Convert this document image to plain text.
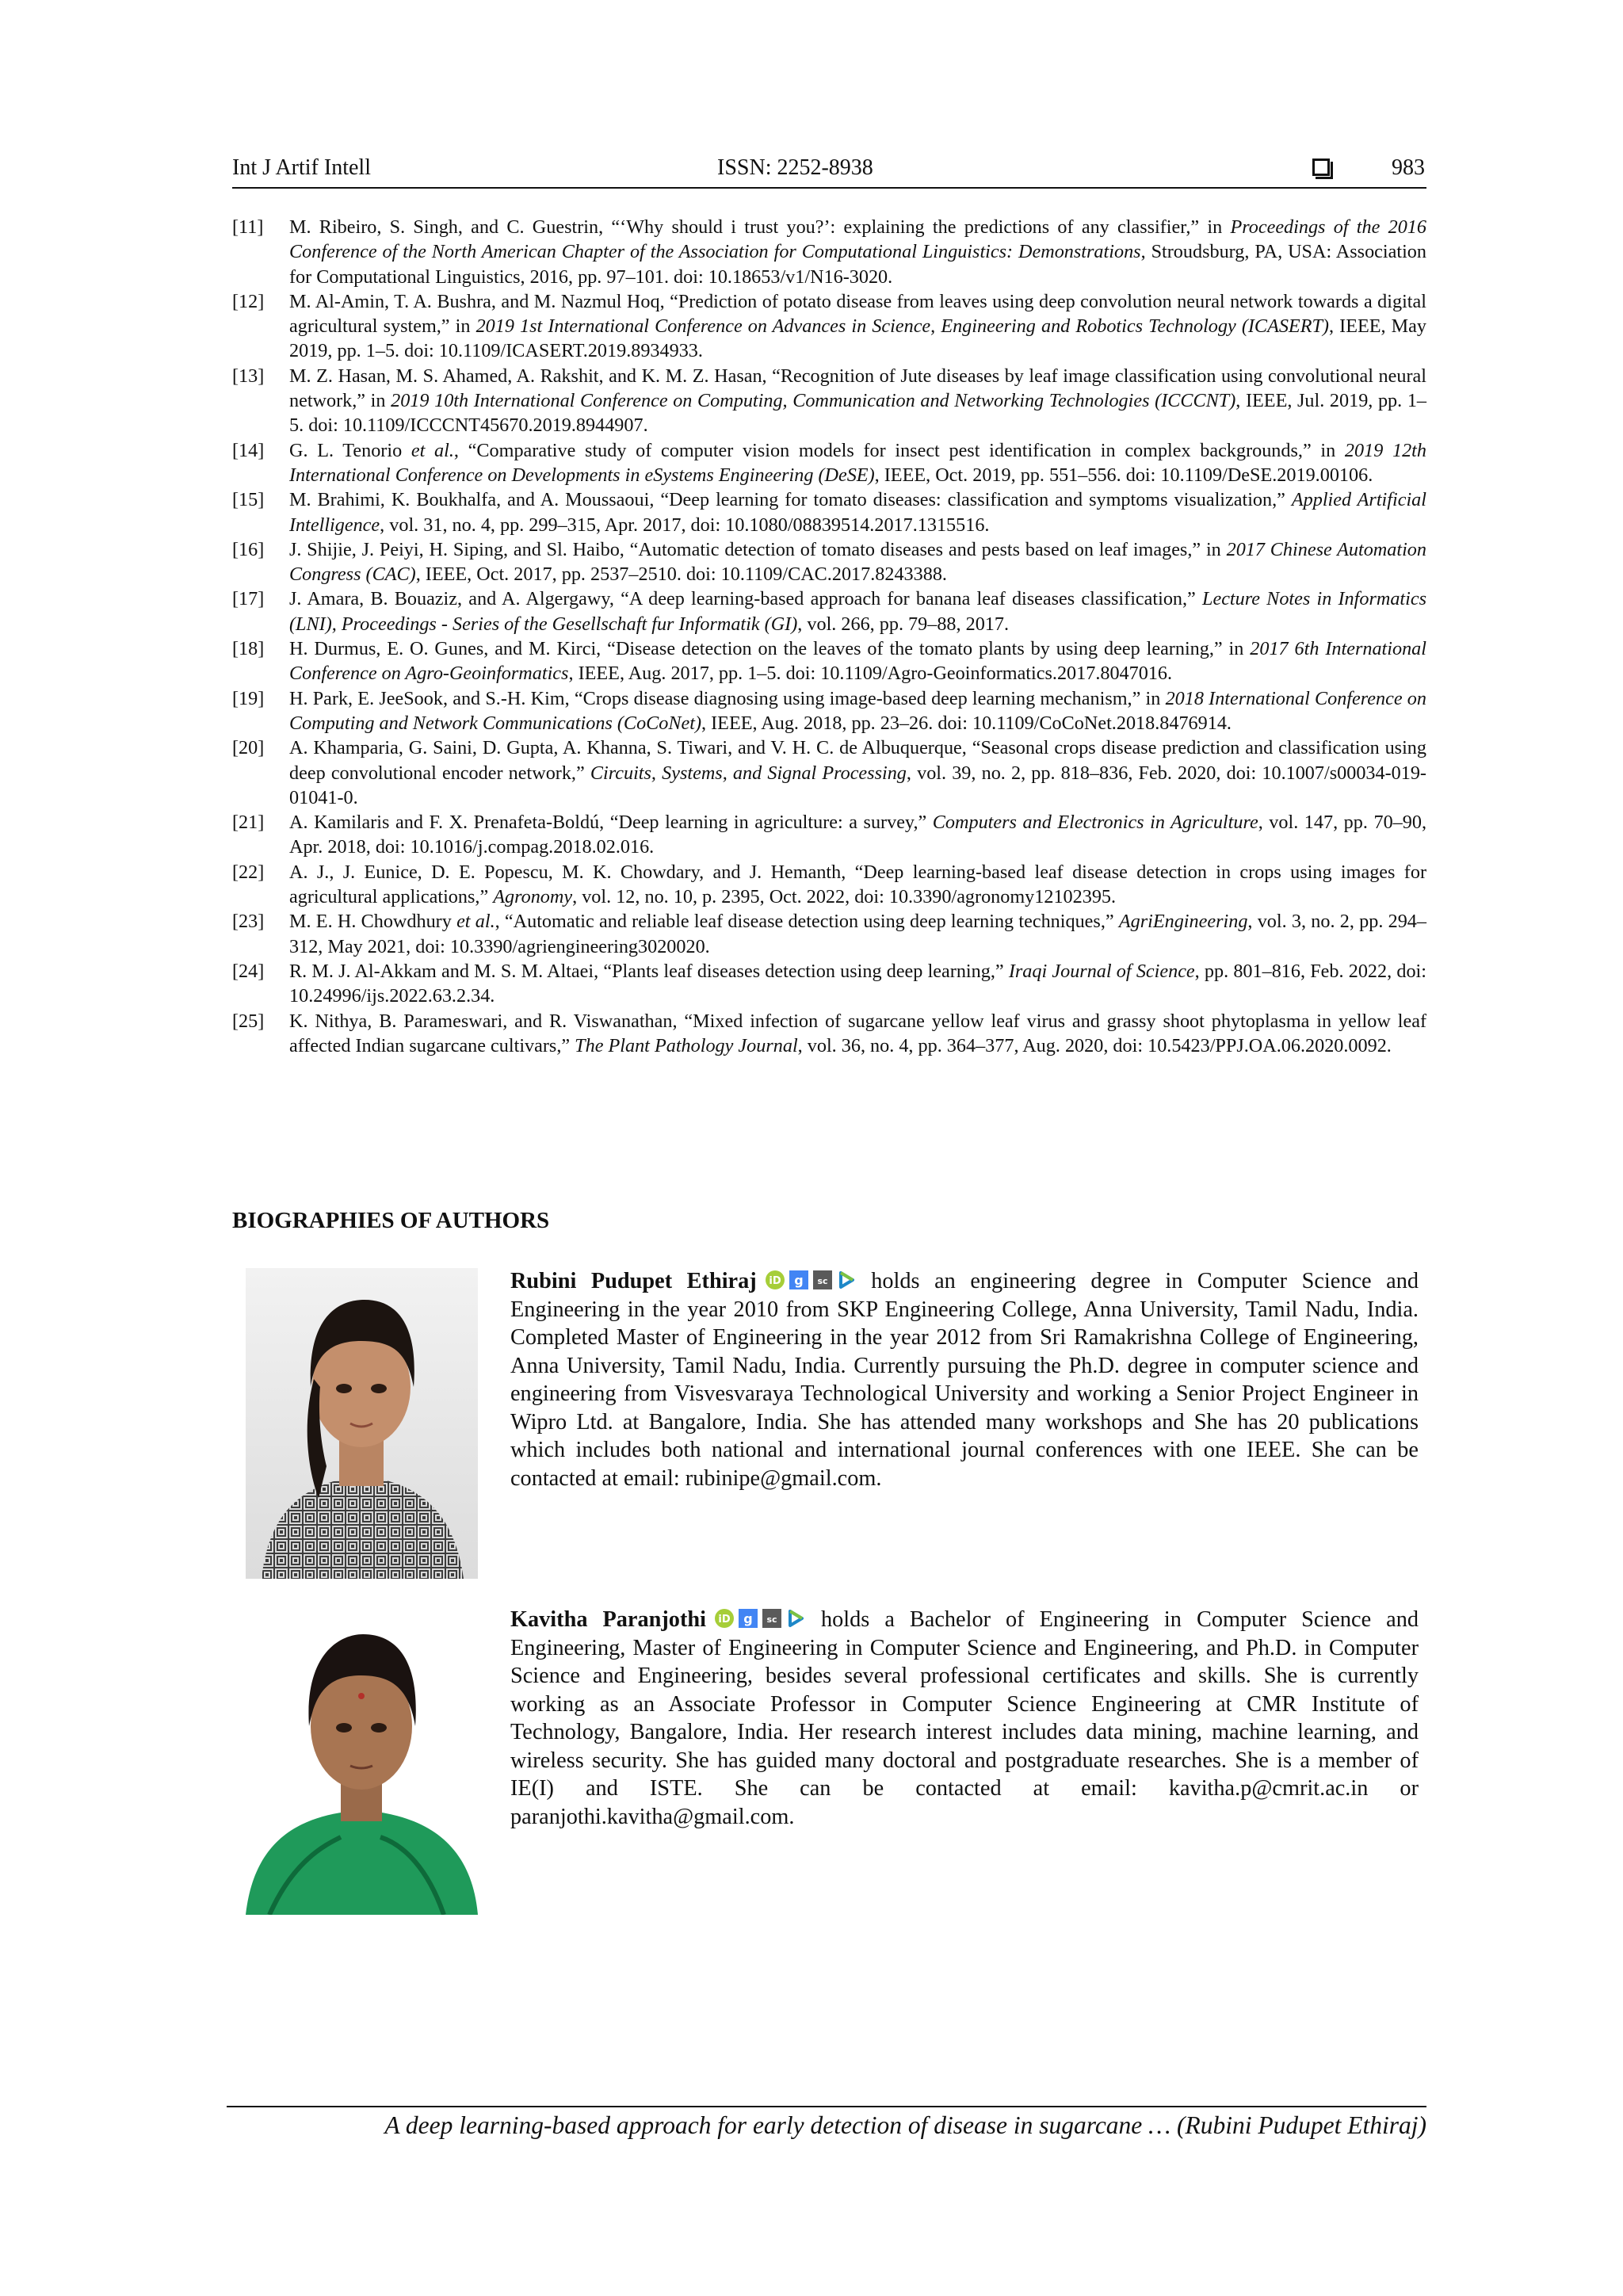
Int J Artif Intell	ISSN: 2252-8938	983

[11] M. Ribeiro, S. Singh, and C. Guestrin, “‘Why should i trust you?’: explaining the predictions of any classifier,” in Proceedings of the 2016 Conference of the North American Chapter of the Association for Computational Linguistics: Demonstrations, Stroudsburg, PA, USA: Association for Computational Linguistics, 2016, pp. 97–101. doi: 10.18653/v1/N16-3020.

[12] M. Al-Amin, T. A. Bushra, and M. Nazmul Hoq, “Prediction of potato disease from leaves using deep convolution neural network towards a digital agricultural system,” in 2019 1st International Conference on Advances in Science, Engineering and Robotics Technology (ICASERT), IEEE, May 2019, pp. 1–5. doi: 10.1109/ICASERT.2019.8934933.

[13] M. Z. Hasan, M. S. Ahamed, A. Rakshit, and K. M. Z. Hasan, “Recognition of Jute diseases by leaf image classification using convolutional neural network,” in 2019 10th International Conference on Computing, Communication and Networking Technologies (ICCCNT), IEEE, Jul. 2019, pp. 1–5. doi: 10.1109/ICCCNT45670.2019.8944907.

[14] G. L. Tenorio et al., “Comparative study of computer vision models for insect pest identification in complex backgrounds,” in 2019 12th International Conference on Developments in eSystems Engineering (DeSE), IEEE, Oct. 2019, pp. 551–556. doi: 10.1109/DeSE.2019.00106.

[15] M. Brahimi, K. Boukhalfa, and A. Moussaoui, “Deep learning for tomato diseases: classification and symptoms visualization,” Applied Artificial Intelligence, vol. 31, no. 4, pp. 299–315, Apr. 2017, doi: 10.1080/08839514.2017.1315516.

[16] J. Shijie, J. Peiyi, H. Siping, and Sl. Haibo, “Automatic detection of tomato diseases and pests based on leaf images,” in 2017 Chinese Automation Congress (CAC), IEEE, Oct. 2017, pp. 2537–2510. doi: 10.1109/CAC.2017.8243388.

[17] J. Amara, B. Bouaziz, and A. Algergawy, “A deep learning-based approach for banana leaf diseases classification,” Lecture Notes in Informatics (LNI), Proceedings - Series of the Gesellschaft fur Informatik (GI), vol. 266, pp. 79–88, 2017.

[18] H. Durmus, E. O. Gunes, and M. Kirci, “Disease detection on the leaves of the tomato plants by using deep learning,” in 2017 6th International Conference on Agro-Geoinformatics, IEEE, Aug. 2017, pp. 1–5. doi: 10.1109/Agro-Geoinformatics.2017.8047016.

[19] H. Park, E. JeeSook, and S.-H. Kim, “Crops disease diagnosing using image-based deep learning mechanism,” in 2018 International Conference on Computing and Network Communications (CoCoNet), IEEE, Aug. 2018, pp. 23–26. doi: 10.1109/CoCoNet.2018.8476914.

[20] A. Khamparia, G. Saini, D. Gupta, A. Khanna, S. Tiwari, and V. H. C. de Albuquerque, “Seasonal crops disease prediction and classification using deep convolutional encoder network,” Circuits, Systems, and Signal Processing, vol. 39, no. 2, pp. 818–836, Feb. 2020, doi: 10.1007/s00034-019-01041-0.

[21] A. Kamilaris and F. X. Prenafeta-Boldú, “Deep learning in agriculture: a survey,” Computers and Electronics in Agriculture, vol. 147, pp. 70–90, Apr. 2018, doi: 10.1016/j.compag.2018.02.016.

[22] A. J., J. Eunice, D. E. Popescu, M. K. Chowdary, and J. Hemanth, “Deep learning-based leaf disease detection in crops using images for agricultural applications,” Agronomy, vol. 12, no. 10, p. 2395, Oct. 2022, doi: 10.3390/agronomy12102395.

[23] M. E. H. Chowdhury et al., “Automatic and reliable leaf disease detection using deep learning techniques,” AgriEngineering, vol. 3, no. 2, pp. 294–312, May 2021, doi: 10.3390/agriengineering3020020.

[24] R. M. J. Al-Akkam and M. S. M. Altaei, “Plants leaf diseases detection using deep learning,” Iraqi Journal of Science, pp. 801–816, Feb. 2022, doi: 10.24996/ijs.2022.63.2.34.

[25] K. Nithya, B. Parameswari, and R. Viswanathan, “Mixed infection of sugarcane yellow leaf virus and grassy shoot phytoplasma in yellow leaf affected Indian sugarcane cultivars,” The Plant Pathology Journal, vol. 36, no. 4, pp. 364–377, Aug. 2020, doi: 10.5423/PPJ.OA.06.2020.0092.

BIOGRAPHIES OF AUTHORS
Rubini Pudupet Ethiraj iD g sc holds an engineering degree in Computer Science and Engineering in the year 2010 from SKP Engineering College, Anna University, Tamil Nadu, India. Completed Master of Engineering in the year 2012 from Sri Ramakrishna College of Engineering, Anna University, Tamil Nadu, India. Currently pursuing the Ph.D. degree in computer science and engineering from Visvesvaraya Technological University and working a Senior Project Engineer in Wipro Ltd. at Bangalore, India. She has attended many workshops and She has 20 publications which includes both national and international journal conferences with one IEEE. She can be contacted at email: rubinipe@gmail.com.
Kavitha Paranjothi iD g sc holds a Bachelor of Engineering in Computer Science and Engineering, Master of Engineering in Computer Science and Engineering, and Ph.D. in Computer Science and Engineering, besides several professional certificates and skills. She is currently working as an Associate Professor in Computer Science Engineering at CMR Institute of Technology, Bangalore, India. Her research interest includes data mining, machine learning, and wireless security. She has guided many doctoral and postgraduate researches. She is a member of IE(I) and ISTE. She can be contacted at email: kavitha.p@cmrit.ac.in or paranjothi.kavitha@gmail.com.
A deep learning-based approach for early detection of disease in sugarcane … (Rubini Pudupet Ethiraj)
